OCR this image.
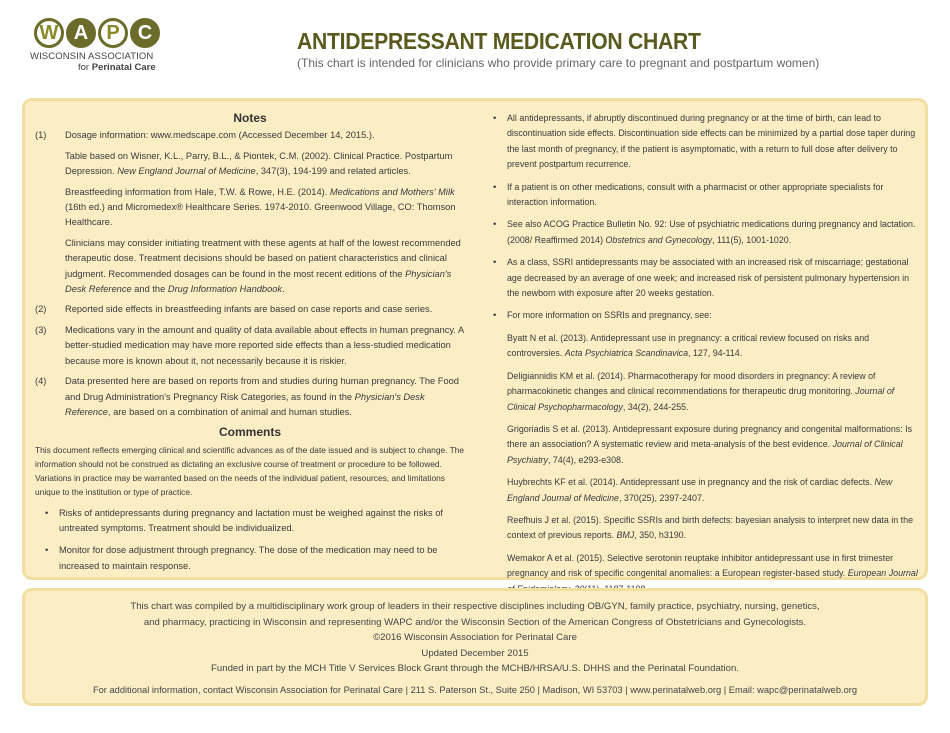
W A P C
WISCONSIN ASSOCIATION
for Perinatal Care
ANTIDEPRESSANT MEDICATION CHART
(This chart is intended for clinicians who provide primary care to pregnant and postpartum women)
Notes
(1)	Dosage information: www.medscape.com (Accessed December 14, 2015.).
Table based on Wisner, K.L., Parry, B.L., & Piontek, C.M. (2002). Clinical Practice. Postpartum Depression. New England Journal of Medicine, 347(3), 194-199 and related articles.
Breastfeeding information from Hale, T.W. & Rowe, H.E. (2014). Medications and Mothers' Milk (16th ed.) and Micromedex® Healthcare Series. 1974-2010. Greenwood Village, CO: Thomson Healthcare.
Clinicians may consider initiating treatment with these agents at half of the lowest recommended therapeutic dose. Treatment decisions should be based on patient characteristics and clinical judgment. Recommended dosages can be found in the most recent editions of the Physician's Desk Reference and the Drug Information Handbook.
(2)	Reported side effects in breastfeeding infants are based on case reports and case series.
(3)	Medications vary in the amount and quality of data available about effects in human pregnancy. A better-studied medication may have more reported side effects than a less-studied medication because more is known about it, not necessarily because it is riskier.
(4)	Data presented here are based on reports from and studies during human pregnancy. The Food and Drug Administration's Pregnancy Risk Categories, as found in the Physician's Desk Reference, are based on a combination of animal and human studies.
Comments
This document reflects emerging clinical and scientific advances as of the date issued and is subject to change. The information should not be construed as dictating an exclusive course of treatment or procedure to be followed. Variations in practice may be warranted based on the needs of the individual patient, resources, and limitations unique to the institution or type of practice.
•	Risks of antidepressants during pregnancy and lactation must be weighed against the risks of untreated symptoms. Treatment should be individualized.
•	Monitor for dose adjustment through pregnancy. The dose of the medication may need to be increased to maintain response.
•	All antidepressants, if abruptly discontinued during pregnancy or at the time of birth, can lead to discontinuation side effects. Discontinuation side effects can be minimized by a partial dose taper during the last month of pregnancy, if the patient is asymptomatic, with a return to full dose after delivery to prevent postpartum recurrence.
•	If a patient is on other medications, consult with a pharmacist or other appropriate specialists for interaction information.
•	See also ACOG Practice Bulletin No. 92: Use of psychiatric medications during pregnancy and lactation. (2008/ Reaffirmed 2014) Obstetrics and Gynecology, 111(5), 1001-1020.
•	As a class, SSRI antidepressants may be associated with an increased risk of miscarriage; gestational age decreased by an average of one week; and increased risk of persistent pulmonary hypertension in the newborn with exposure after 20 weeks gestation.
•	For more information on SSRIs and pregnancy, see:
Byatt N et al. (2013). Antidepressant use in pregnancy: a critical review focused on risks and controversies. Acta Psychiatrica Scandinavica, 127, 94-114.
Deligiannidis KM et al. (2014). Pharmacotherapy for mood disorders in pregnancy: A review of pharmacokinetic changes and clinical recommendations for therapeutic drug monitoring. Journal of Clinical Psychopharmacology, 34(2), 244-255.
Grigoriadis S et al. (2013). Antidepressant exposure during pregnancy and congenital malformations: Is there an association? A systematic review and meta-analysis of the best evidence. Journal of Clinical Psychiatry, 74(4), e293-e308.
Huybrechts KF et al. (2014). Antidepressant use in pregnancy and the risk of cardiac defects. New England Journal of Medicine, 370(25), 2397-2407.
Reefhuis J et al. (2015). Specific SSRIs and birth defects: bayesian analysis to interpret new data in the context of previous reports. BMJ, 350, h3190.
Wemakor A et al. (2015). Selective serotonin reuptake inhibitor antidepressant use in first trimester pregnancy and risk of specific congenital anomalies: a European register-based study. European Journal
This chart was compiled by a multidisciplinary work group of leaders in their respective disciplines including OB/GYN, family practice, psychiatry, nursing, genetics,
and pharmacy, practicing in Wisconsin and representing WAPC and/or the Wisconsin Section of the American Congress of Obstetricians and Gynecologists.
©2016 Wisconsin Association for Perinatal Care
Updated December 2015
Funded in part by the MCH Title V Services Block Grant through the MCHB/HRSA/U.S. DHHS and the Perinatal Foundation.
For additional information, contact Wisconsin Association for Perinatal Care | 211 S. Paterson St., Suite 250 | Madison, WI 53703 | www.perinatalweb.org | Email: wapc@perinatalweb.org
